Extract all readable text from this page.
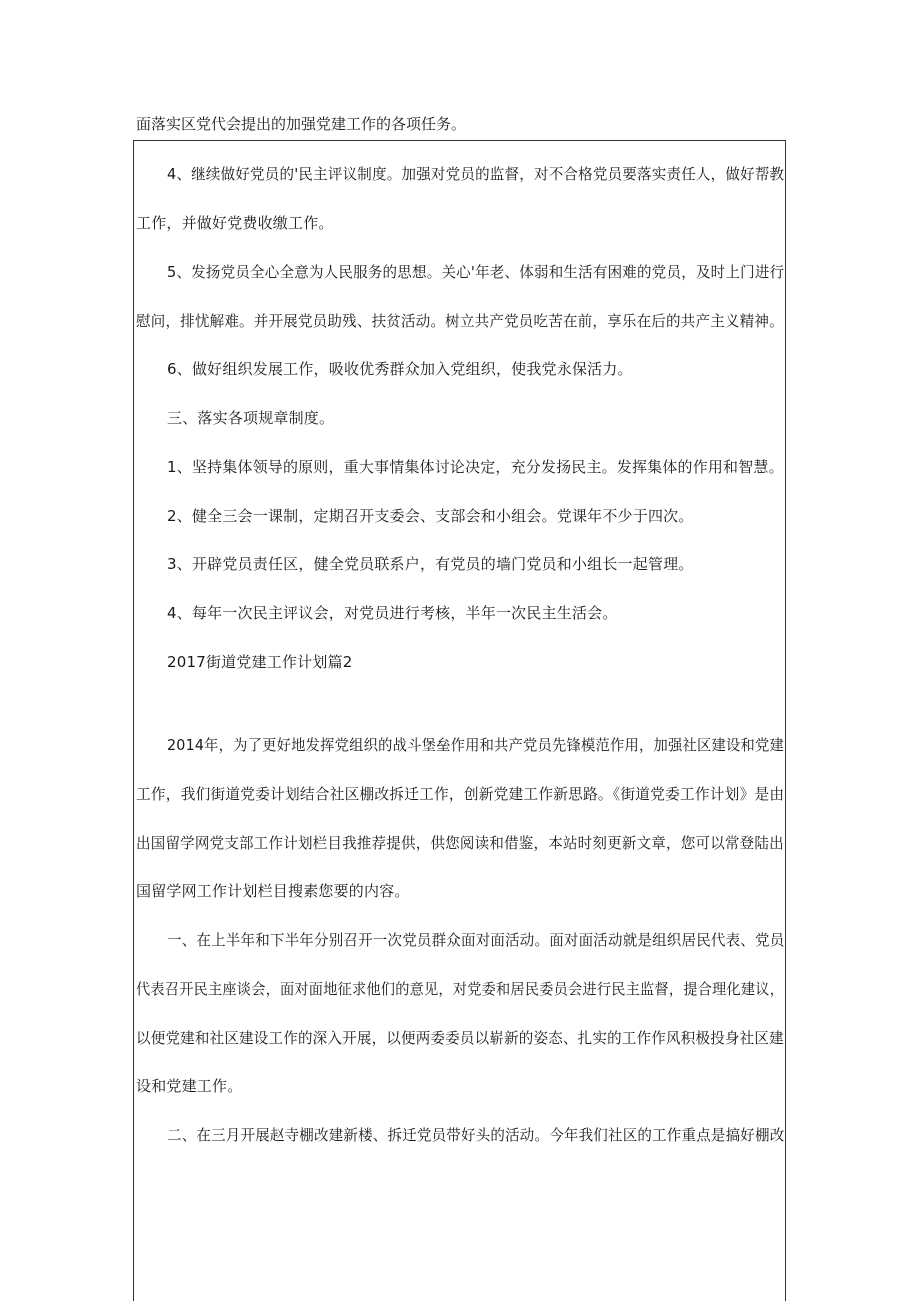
面落实区党代会提出的加强党建工作的各项任务。
4、继续做好党员的'民主评议制度。加强对党员的监督，对不合格党员要落实责任人，做好帮教
工作，并做好党费收缴工作。
5、发扬党员全心全意为人民服务的思想。关心'年老、体弱和生活有困难的党员，及时上门进行
慰问，排忧解难。并开展党员助残、扶贫活动。树立共产党员吃苦在前，享乐在后的共产主义精神。
6、做好组织发展工作，吸收优秀群众加入党组织，使我党永保活力。
三、落实各项规章制度。
1、坚持集体领导的原则，重大事情集体讨论决定，充分发扬民主。发挥集体的作用和智慧。
2、健全三会一课制，定期召开支委会、支部会和小组会。党课年不少于四次。
3、开辟党员责任区，健全党员联系户，有党员的墙门党员和小组长一起管理。
4、每年一次民主评议会，对党员进行考核，半年一次民主生活会。
2017街道党建工作计划篇2
2014年，为了更好地发挥党组织的战斗堡垒作用和共产党员先锋模范作用，加强社区建设和党建
工作，我们街道党委计划结合社区棚改拆迁工作，创新党建工作新思路。《街道党委工作计划》是由
出国留学网党支部工作计划栏目我推荐提供，供您阅读和借鉴，本站时刻更新文章，您可以常登陆出
国留学网工作计划栏目搜素您要的内容。
一、在上半年和下半年分别召开一次党员群众面对面活动。面对面活动就是组织居民代表、党员
代表召开民主座谈会，面对面地征求他们的意见，对党委和居民委员会进行民主监督，提合理化建议，
以便党建和社区建设工作的深入开展，以便两委委员以崭新的姿态、扎实的工作作风积极投身社区建
设和党建工作。
二、在三月开展赵寺棚改建新楼、拆迁党员带好头的活动。今年我们社区的工作重点是搞好棚改
